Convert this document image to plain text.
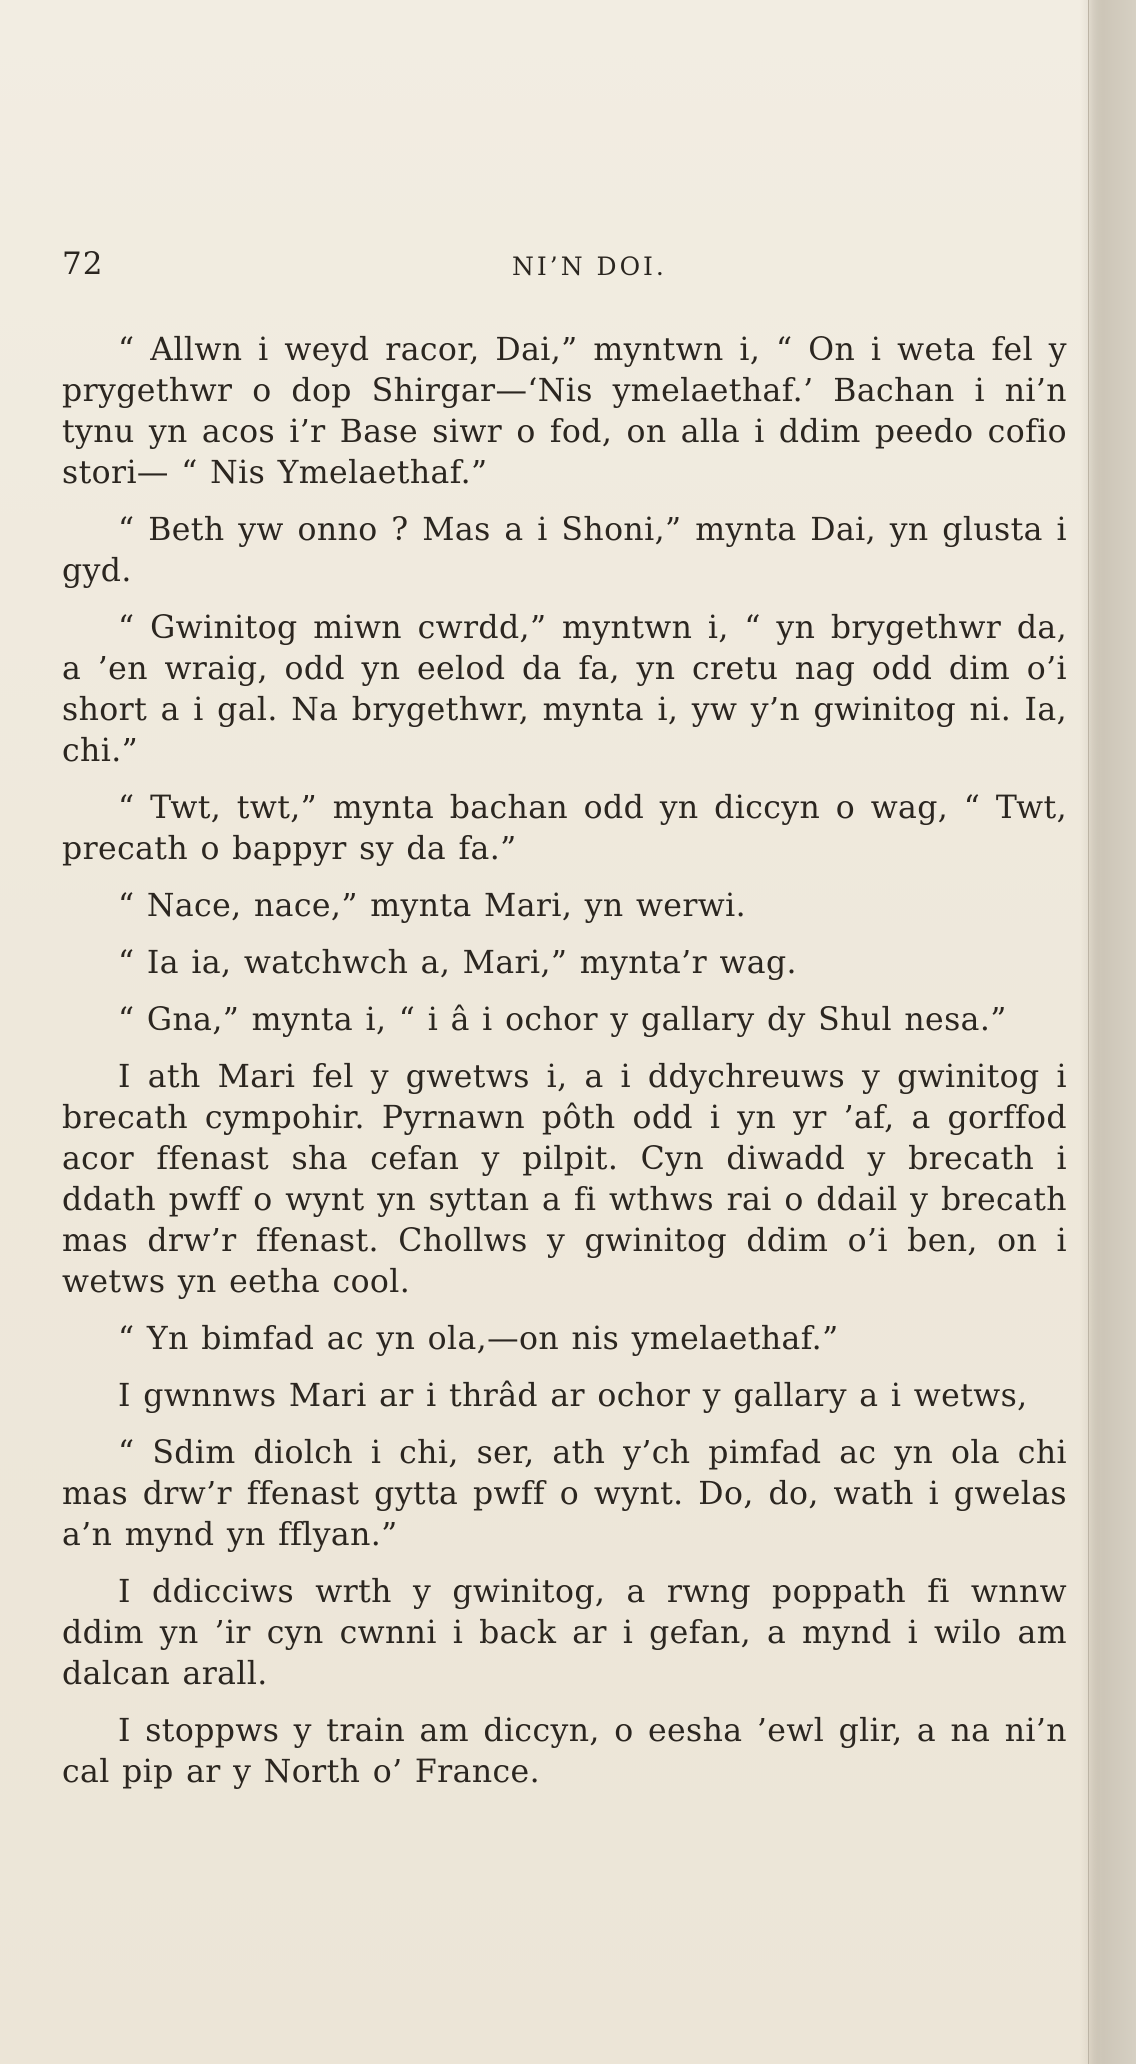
72	NI’N DOI.

“ Allwn i weyd racor, Dai,” myntwn i, “ On i weta fel y prygethwr o dop Shirgar—‘Nis ymelaethaf.’ Bachan i ni’n tynu yn acos i’r Base siwr o fod, on alla i ddim peedo cofio stori— “ Nis Ymelaethaf.”

“ Beth yw onno ? Mas a i Shoni,” mynta Dai, yn glusta i gyd.

“ Gwinitog miwn cwrdd,” myntwn i, “ yn brygethwr da, a ’en wraig, odd yn eelod da fa, yn cretu nag odd dim o’i short a i gal. Na brygethwr, mynta i, yw y’n gwinitog ni. Ia, chi.”

“ Twt, twt,” mynta bachan odd yn diccyn o wag, “ Twt, precath o bappyr sy da fa.”

“ Nace, nace,” mynta Mari, yn werwi.

“ Ia ia, watchwch a, Mari,” mynta’r wag.

“ Gna,” mynta i, “ i â i ochor y gallary dy Shul nesa.”

I ath Mari fel y gwetws i, a i ddychreuws y gwinitog i brecath cympohir. Pyrnawn pôth odd i yn yr ’af, a gorffod acor ffenast sha cefan y pilpit. Cyn diwadd y brecath i ddath pwff o wynt yn syttan a fi wthws rai o ddail y brecath mas drw’r ffenast. Chollws y gwinitog ddim o’i ben, on i wetws yn eetha cool.

“ Yn bimfad ac yn ola,—on nis ymelaethaf.”

I gwnnws Mari ar i thrâd ar ochor y gallary a i wetws,

“ Sdim diolch i chi, ser, ath y’ch pimfad ac yn ola chi mas drw’r ffenast gytta pwff o wynt. Do, do, wath i gwelas a’n mynd yn fflyan.”

I ddicciws wrth y gwinitog, a rwng poppath fi wnnw ddim yn ’ir cyn cwnni i back ar i gefan, a mynd i wilo am dalcan arall.

I stoppws y train am diccyn, o eesha ’ewl glir, a na ni’n cal pip ar y North o’ France.
